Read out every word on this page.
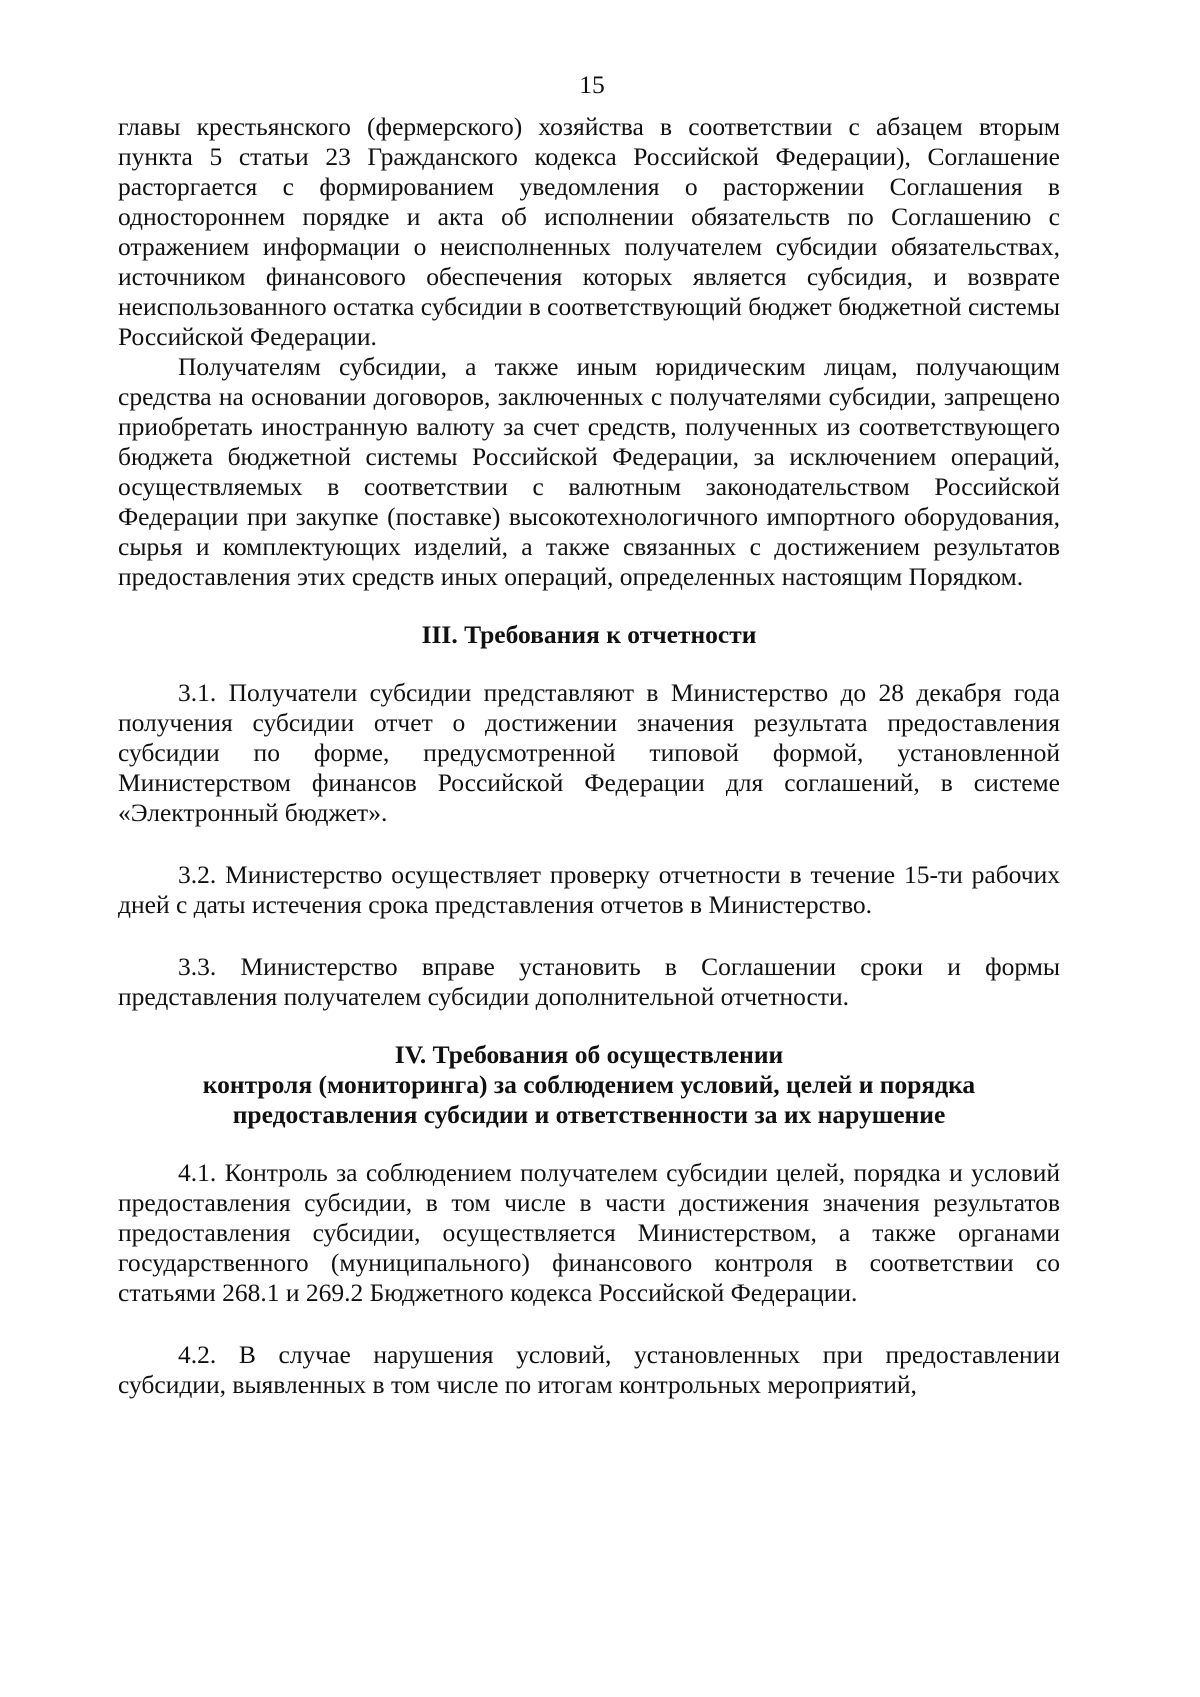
15

главы крестьянского (фермерского) хозяйства в соответствии с абзацем вторым пункта 5 статьи 23 Гражданского кодекса Российской Федерации), Соглашение расторгается с формированием уведомления о расторжении Соглашения в одностороннем порядке и акта об исполнении обязательств по Соглашению с отражением информации о неисполненных получателем субсидии обязательствах, источником финансового обеспечения которых является субсидия, и возврате неиспользованного остатка субсидии в соответствующий бюджет бюджетной системы Российской Федерации.

Получателям субсидии, а также иным юридическим лицам, получающим средства на основании договоров, заключенных с получателями субсидии, запрещено приобретать иностранную валюту за счет средств, полученных из соответствующего бюджета бюджетной системы Российской Федерации, за исключением операций, осуществляемых в соответствии с валютным законодательством Российской Федерации при закупке (поставке) высокотехнологичного импортного оборудования, сырья и комплектующих изделий, а также связанных с достижением результатов предоставления этих средств иных операций, определенных настоящим Порядком.

III. Требования к отчетности

3.1. Получатели субсидии представляют в Министерство до 28 декабря года получения субсидии отчет о достижении значения результата предоставления субсидии по форме, предусмотренной типовой формой, установленной Министерством финансов Российской Федерации для соглашений, в системе «Электронный бюджет».

3.2. Министерство осуществляет проверку отчетности в течение 15-ти рабочих дней с даты истечения срока представления отчетов в Министерство.

3.3. Министерство вправе установить в Соглашении сроки и формы представления получателем субсидии дополнительной отчетности.

IV. Требования об осуществлении

контроля (мониторинга) за соблюдением условий, целей и порядка

предоставления субсидии и ответственности за их нарушение

4.1. Контроль за соблюдением получателем субсидии целей, порядка и условий предоставления субсидии, в том числе в части достижения значения результатов предоставления субсидии, осуществляется Министерством, а также органами государственного (муниципального) финансового контроля в соответствии со статьями 268.1 и 269.2 Бюджетного кодекса Российской Федерации.

4.2. В случае нарушения условий, установленных при предоставлении субсидии, выявленных в том числе по итогам контрольных мероприятий,
